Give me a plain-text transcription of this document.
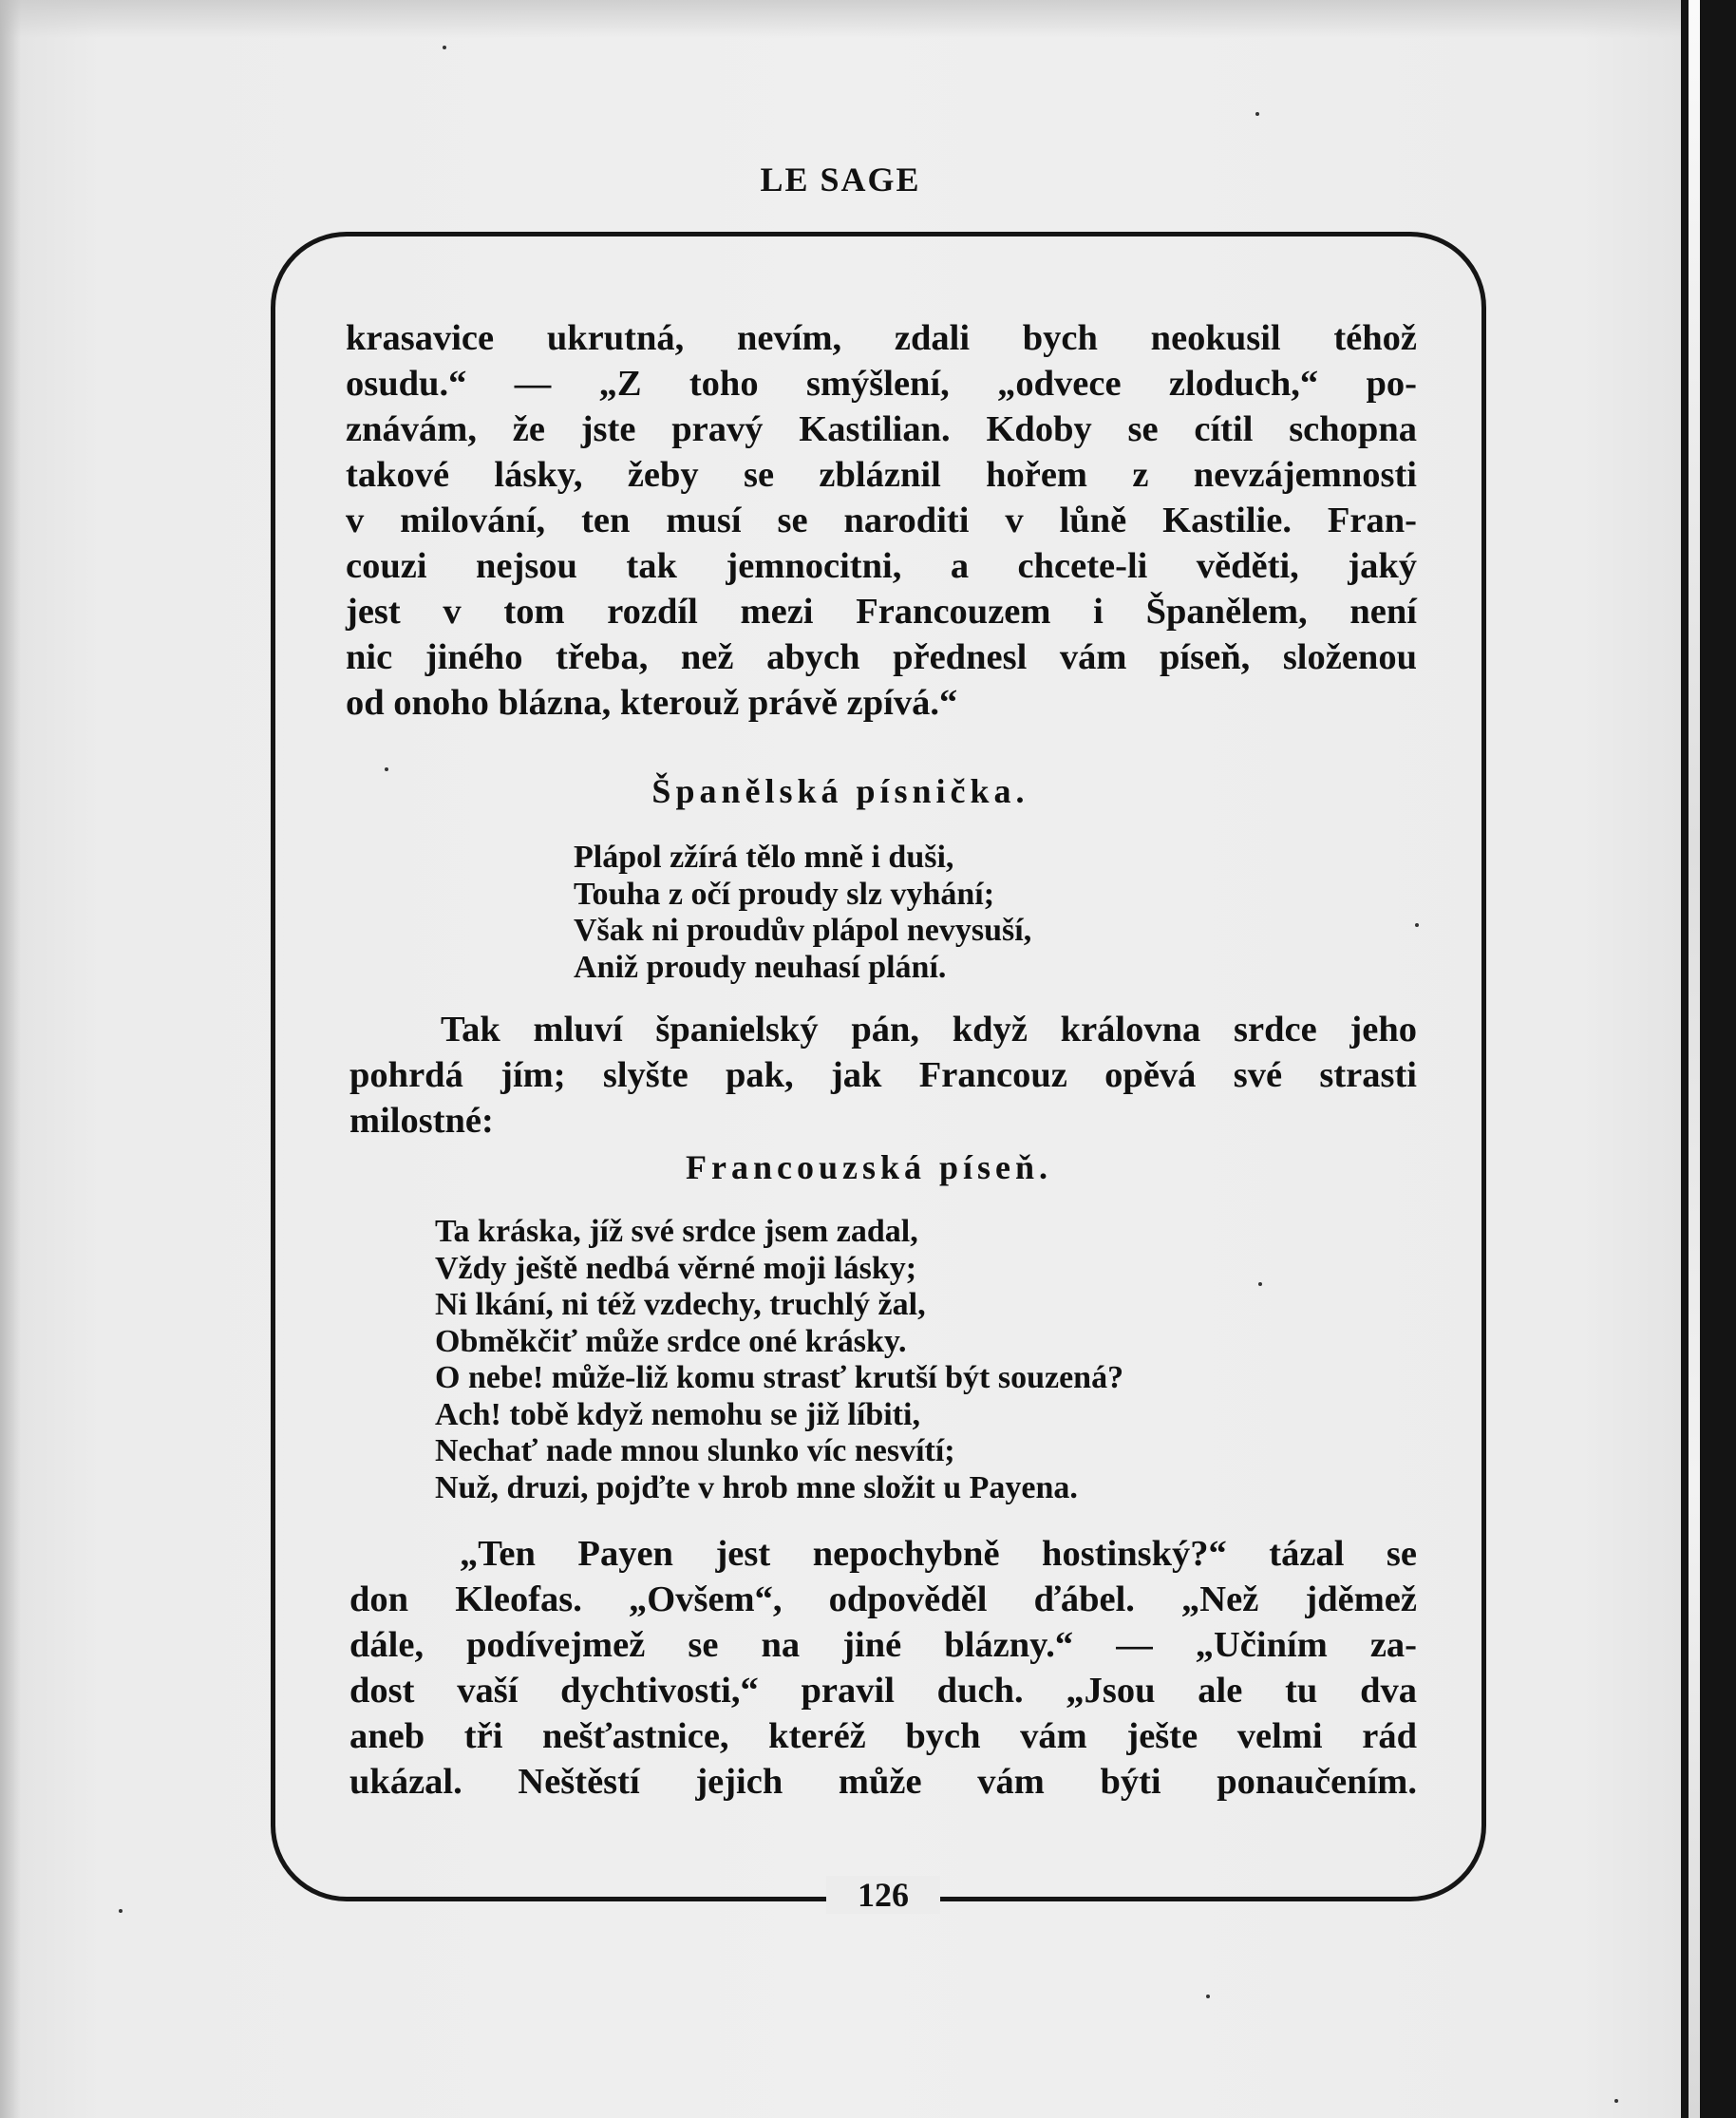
LE SAGE
126
krasavice ukrutná, nevím, zdali bych neokusil téhož
osudu.“ — „Z toho smýšlení, „odvece zloduch,“ po-
znávám, že jste pravý Kastilian. Kdoby se cítil schopna
takové lásky, žeby se zbláznil hořem z nevzájemnosti
v milování, ten musí se naroditi v lůně Kastilie. Fran-
couzi nejsou tak jemnocitni, a chcete-li věděti, jaký
jest v tom rozdíl mezi Francouzem i Španělem, není
nic jiného třeba, než abych přednesl vám píseň, složenou
od onoho blázna, kterouž právě zpívá.“
Španělská písnička.
Plápol zžírá tělo mně i duši,
Touha z očí proudy slz vyhání;
Však ni proudův plápol nevysuší,
Aniž proudy neuhasí plání.
Tak mluví španielský pán, když královna srdce jeho
pohrdá jím; slyšte pak, jak Francouz opěvá své strasti
milostné:
Francouzská píseň.
Ta kráska, jíž své srdce jsem zadal,
Vždy ještě nedbá věrné moji lásky;
Ni lkání, ni též vzdechy, truchlý žal,
Obměkčiť může srdce oné krásky.
O nebe! může-liž komu strasť krutší být souzená?
Ach! tobě když nemohu se již líbiti,
Nechať nade mnou slunko víc nesvítí;
Nuž, druzi, pojďte v hrob mne složit u Payena.
„Ten Payen jest nepochybně hostinský?“ tázal se
don Kleofas. „Ovšem“, odpověděl ďábel. „Než jděmež
dále, podívejmež se na jiné blázny.“ — „Učiním za-
dost vaší dychtivosti,“ pravil duch. „Jsou ale tu dva
aneb tři nešťastnice, kteréž bych vám ješte velmi rád
ukázal. Neštěstí jejich může vám býti ponaučením.
